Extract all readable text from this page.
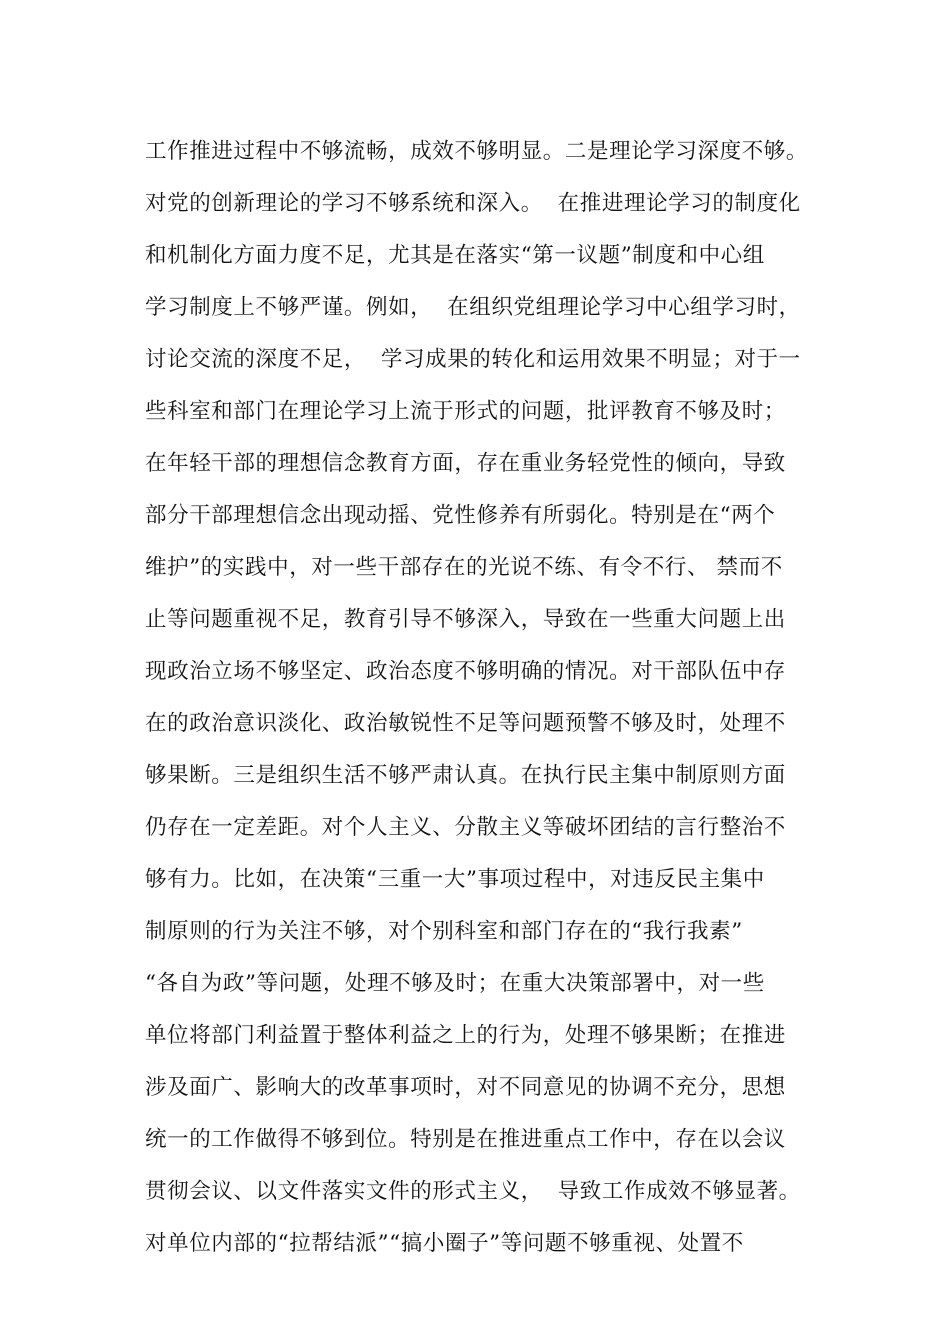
工作推进过程中不够流畅，成效不够明显。二是理论学习深度不够。
对党的创新理论的学习不够系统和深入。  在推进理论学习的制度化
和机制化方面力度不足，尤其是在落实“第一议题”制度和中心组
学习制度上不够严谨。例如，  在组织党组理论学习中心组学习时，
讨论交流的深度不足，  学习成果的转化和运用效果不明显；对于一
些科室和部门在理论学习上流于形式的问题，批评教育不够及时；
在年轻干部的理想信念教育方面，存在重业务轻党性的倾向，导致
部分干部理想信念出现动摇、党性修养有所弱化。特别是在“两个
维护”的实践中，对一些干部存在的光说不练、有令不行、 禁而不
止等问题重视不足，教育引导不够深入，导致在一些重大问题上出
现政治立场不够坚定、政治态度不够明确的情况。对干部队伍中存
在的政治意识淡化、政治敏锐性不足等问题预警不够及时，处理不
够果断。三是组织生活不够严肃认真。在执行民主集中制原则方面
仍存在一定差距。对个人主义、分散主义等破坏团结的言行整治不
够有力。比如，在决策“三重一大”事项过程中，对违反民主集中
制原则的行为关注不够，对个别科室和部门存在的“我行我素”
“各自为政”等问题，处理不够及时；在重大决策部署中，对一些
单位将部门利益置于整体利益之上的行为，处理不够果断；在推进
涉及面广、影响大的改革事项时，对不同意见的协调不充分，思想
统一的工作做得不够到位。特别是在推进重点工作中，存在以会议
贯彻会议、以文件落实文件的形式主义，  导致工作成效不够显著。
对单位内部的“拉帮结派”“搞小圈子”等问题不够重视、处置不
